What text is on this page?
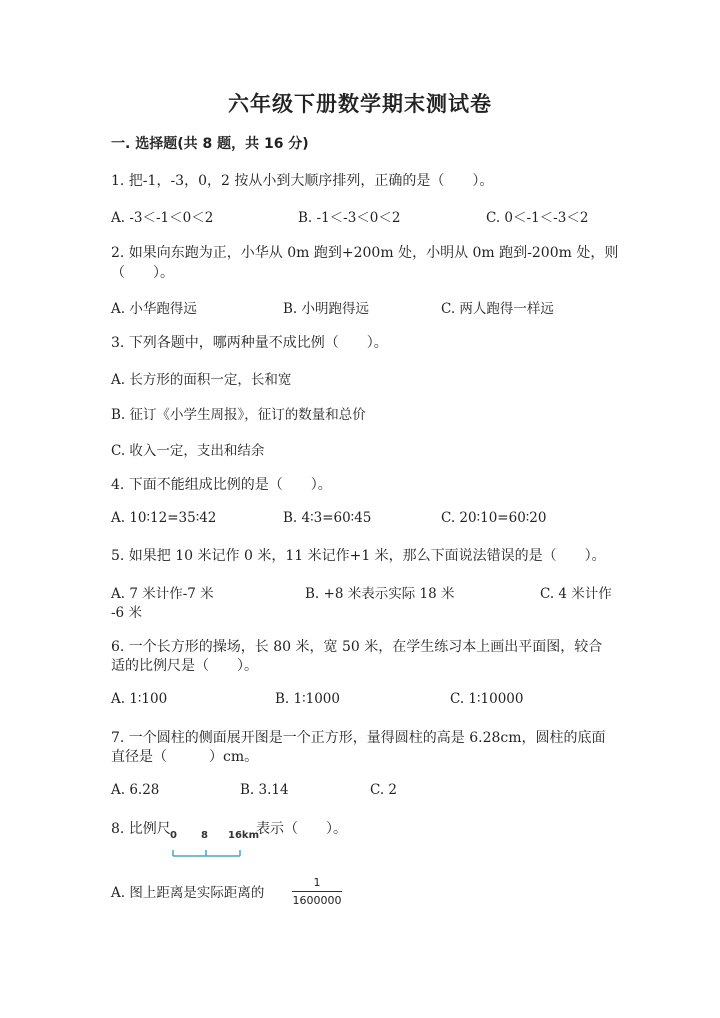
六年级下册数学期末测试卷
一. 选择题(共 8 题，共 16 分)
1. 把-1，-3，0，2 按从小到大顺序排列，正确的是（　　）。
A. -3＜-1＜0＜2	B. -1＜-3＜0＜2	C. 0＜-1＜-3＜2
2. 如果向东跑为正，小华从 0m 跑到+200m 处，小明从 0m 跑到-200m 处，则
（　　）。
A. 小华跑得远	B. 小明跑得远	C. 两人跑得一样远
3. 下列各题中，哪两种量不成比例（　　）。
A. 长方形的面积一定，长和宽
B. 征订《小学生周报》，征订的数量和总价
C. 收入一定，支出和结余
4. 下面不能组成比例的是（　　）。
A. 10∶12=35∶42	B. 4∶3=60∶45	C. 20∶10=60∶20
5. 如果把 10 米记作 0 米，11 米记作+1 米，那么下面说法错误的是（　　）。
A. 7 米计作-7 米	B. +8 米表示实际 18 米	C. 4 米计作
-6 米
6. 一个长方形的操场，长 80 米，宽 50 米，在学生练习本上画出平面图，较合
适的比例尺是（　　）。
A. 1∶100	B. 1∶1000	C. 1∶10000
7. 一个圆柱的侧面展开图是一个正方形，量得圆柱的高是 6.28cm，圆柱的底面
直径是（　　　）cm。
A. 6.28	B. 3.14	C. 2
8. 比例尺 0 8 16km
表示（　　）。
A. 图上距离是实际距离的
1
1600000
